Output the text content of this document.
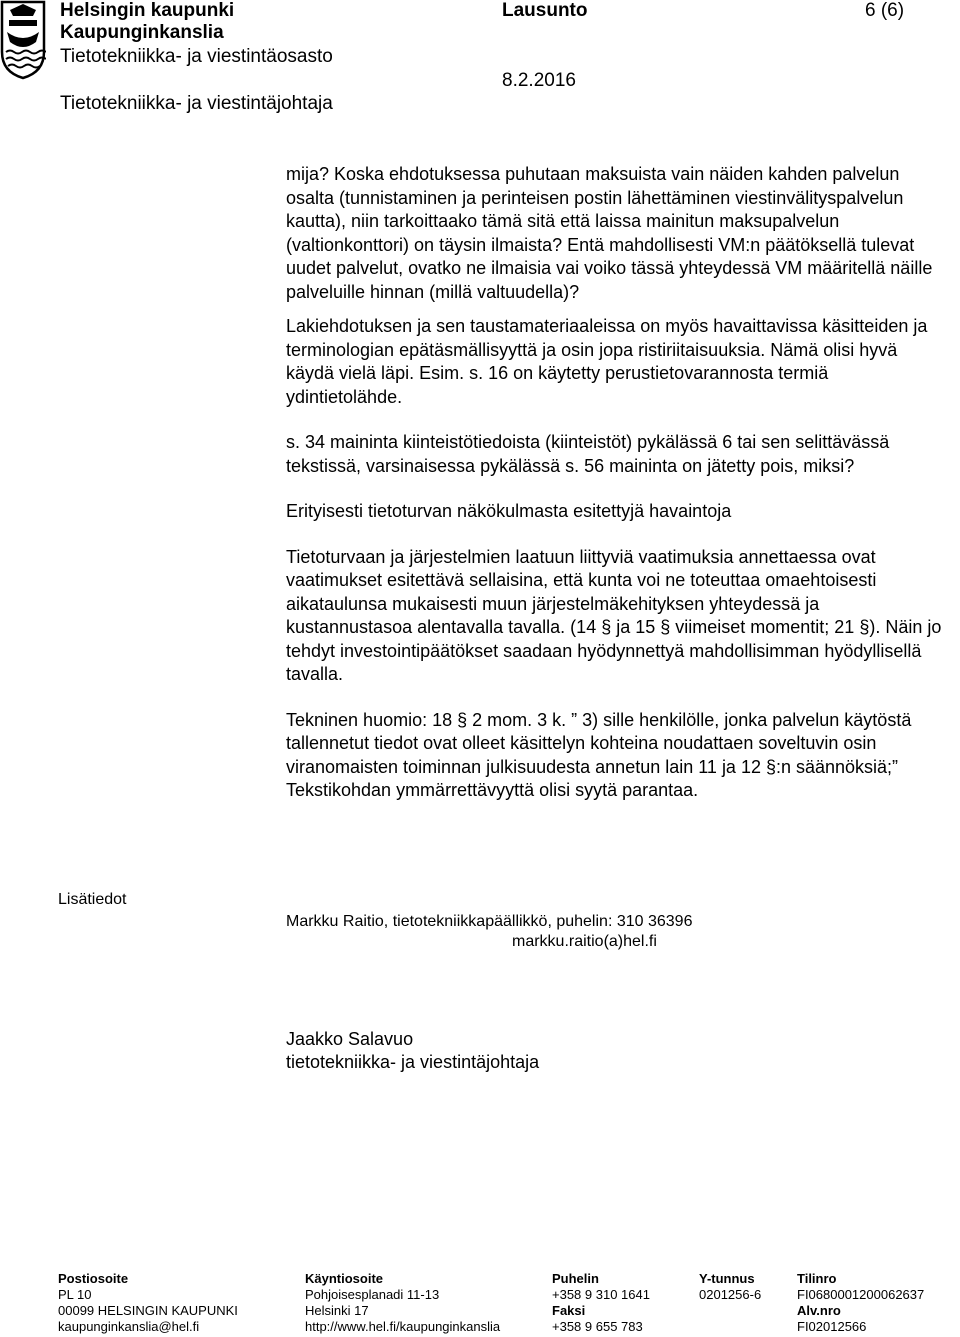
Helsingin kaupunki
Kaupunginkanslia
Tietotekniikka- ja viestintäosasto
Tietotekniikka- ja viestintäjohtaja
Lausunto	6 (6)
8.2.2016

mija? Koska ehdotuksessa puhutaan maksuista vain näiden kahden palvelun osalta (tunnistaminen ja perinteisen postin lähettäminen viestinvälityspalvelun kautta), niin tarkoittaako tämä sitä että laissa mainitun maksupalvelun (valtionkonttori) on täysin ilmaista? Entä mahdollisesti VM:n päätöksellä tulevat uudet palvelut, ovatko ne ilmaisia vai voiko tässä yhteydessä VM määritellä näille palveluille hinnan (millä valtuudella)?

Lakiehdotuksen ja sen taustamateriaaleissa on myös havaittavissa käsitteiden ja terminologian epätäsmällisyyttä ja osin jopa ristiriitaisuuksia. Nämä olisi hyvä käydä vielä läpi. Esim. s. 16 on käytetty perustietovarannosta termiä ydintietolähde.

s. 34 maininta kiinteistötiedoista (kiinteistöt) pykälässä 6 tai sen selittävässä tekstissä, varsinaisessa pykälässä s. 56 maininta on jätetty pois, miksi?

Erityisesti tietoturvan näkökulmasta esitettyjä havaintoja

Tietoturvaan ja järjestelmien laatuun liittyviä vaatimuksia annettaessa ovat vaatimukset esitettävä sellaisina, että kunta voi ne toteuttaa omaehtoisesti aikataulunsa mukaisesti muun järjestelmäkehityksen yhteydessä ja kustannustasoa alentavalla tavalla. (14 § ja 15 § viimeiset momentit; 21 §). Näin jo tehdyt investointipäätökset saadaan hyödynnettyä mahdollisimman hyödyllisellä tavalla.

Tekninen huomio: 18 § 2 mom. 3 k. ” 3) sille henkilölle, jonka palvelun käytöstä tallennetut tiedot ovat olleet käsittelyn kohteina noudattaen soveltuvin osin viranomaisten toiminnan julkisuudesta annetun lain 11 ja 12 §:n säännöksiä;” Tekstikohdan ymmärrettävyyttä olisi syytä parantaa.

Lisätiedot
Markku Raitio, tietotekniikkapäällikkö, puhelin: 310 36396
markku.raitio(a)hel.fi
Jaakko Salavuo
tietotekniikka- ja viestintäjohtaja
Postiosoite
PL 10
00099 HELSINGIN KAUPUNKI
kaupunginkanslia@hel.fi
Käyntiosoite
Pohjoisesplanadi 11-13
Helsinki 17
http://www.hel.fi/kaupunginkanslia
Puhelin
+358 9 310 1641
Faksi
+358 9 655 783
Y-tunnus
0201256-6
Tilinro
FI0680001200062637
Alv.nro
FI02012566
